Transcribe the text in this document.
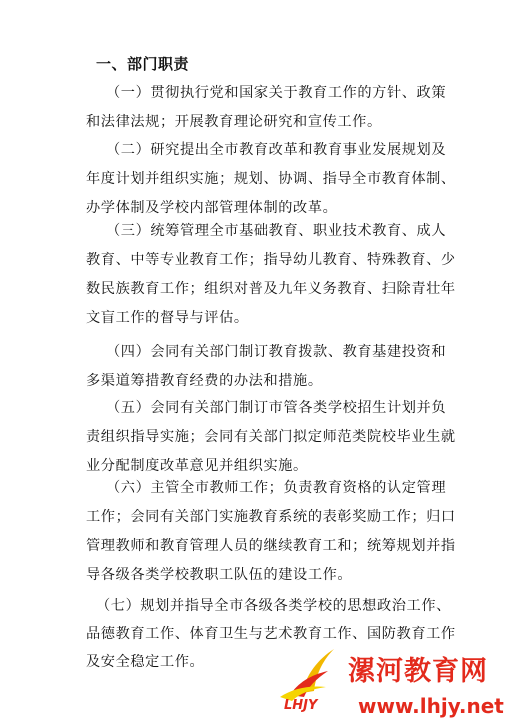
一、部门职责
（一）贯彻执行党和国家关于教育工作的方针、政策
和法律法规；开展教育理论研究和宣传工作。
（二）研究提出全市教育改革和教育事业发展规划及
年度计划并组织实施；规划、协调、指导全市教育体制、
办学体制及学校内部管理体制的改革。
（三）统筹管理全市基础教育、职业技术教育、成人
教育、中等专业教育工作；指导幼儿教育、特殊教育、少
数民族教育工作；组织对普及九年义务教育、扫除青壮年
文盲工作的督导与评估。
（四）会同有关部门制订教育拨款、教育基建投资和
多渠道筹措教育经费的办法和措施。
（五）会同有关部门制订市管各类学校招生计划并负
责组织指导实施；会同有关部门拟定师范类院校毕业生就
业分配制度改革意见并组织实施。
（六）主管全市教师工作；负责教育资格的认定管理
工作；会同有关部门实施教育系统的表彰奖励工作；归口
管理教师和教育管理人员的继续教育工和；统筹规划并指
导各级各类学校教职工队伍的建设工作。
（七）规划并指导全市各级各类学校的思想政治工作、
品德教育工作、体育卫生与艺术教育工作、国防教育工作
及安全稳定工作。	漯河教育网
LHJY www.lhjy.net
